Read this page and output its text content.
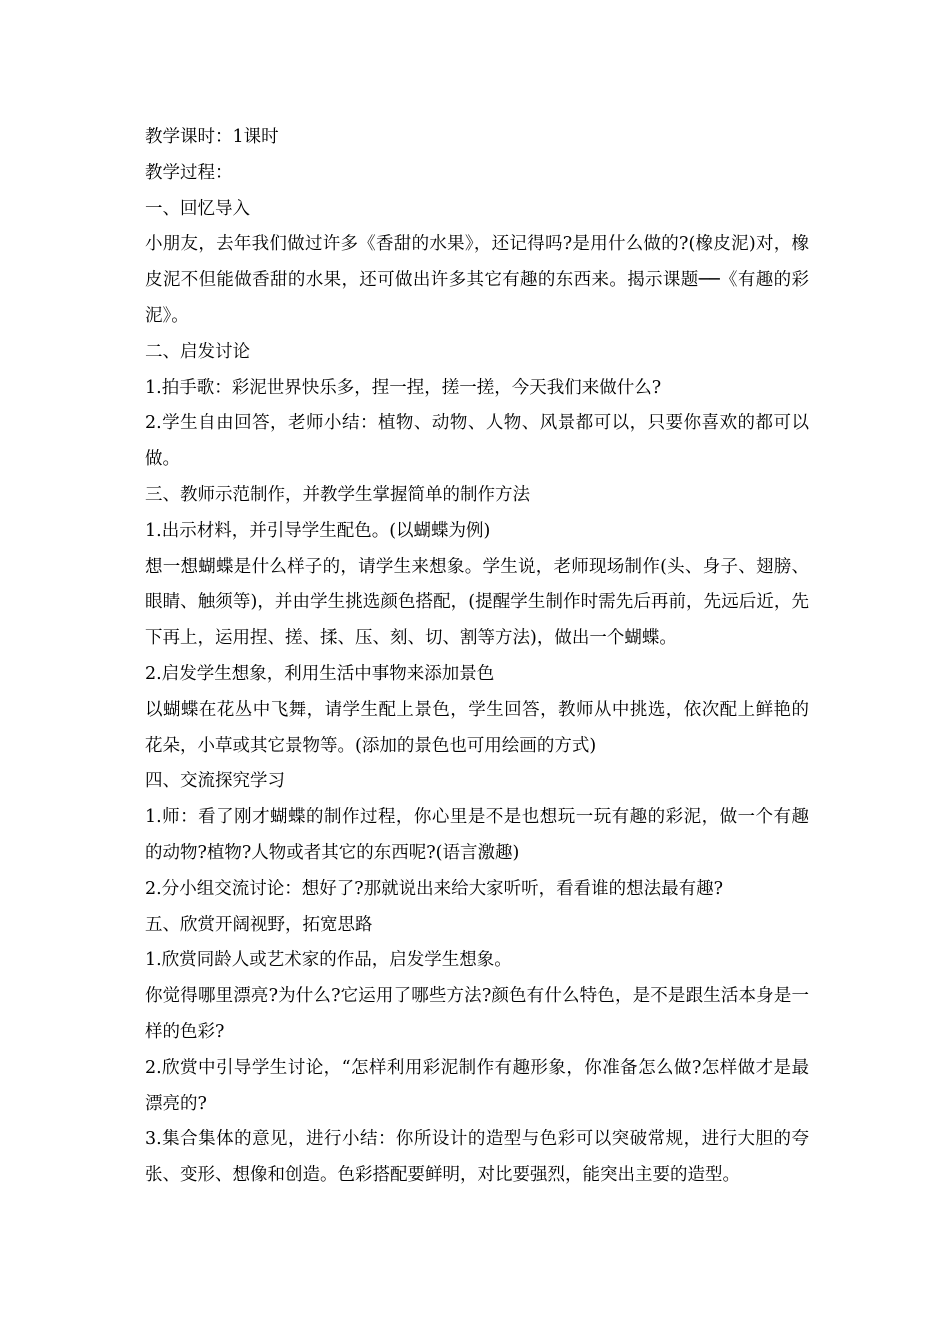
教学课时：1课时

教学过程：

一、回忆导入

小朋友，去年我们做过许多《香甜的水果》，还记得吗?是用什么做的?(橡皮泥)对，橡皮泥不但能做香甜的水果，还可做出许多其它有趣的东西来。揭示课题──《有趣的彩泥》。

二、启发讨论

1.拍手歌：彩泥世界快乐多，捏一捏，搓一搓，今天我们来做什么?

2.学生自由回答，老师小结：植物、动物、人物、风景都可以，只要你喜欢的都可以做。

三、教师示范制作，并教学生掌握简单的制作方法

1.出示材料，并引导学生配色。(以蝴蝶为例)

想一想蝴蝶是什么样子的，请学生来想象。学生说，老师现场制作(头、身子、翅膀、眼睛、触须等)，并由学生挑选颜色搭配，(提醒学生制作时需先后再前，先远后近，先下再上，运用捏、搓、揉、压、刻、切、割等方法)，做出一个蝴蝶。

2.启发学生想象，利用生活中事物来添加景色

以蝴蝶在花丛中飞舞，请学生配上景色，学生回答，教师从中挑选，依次配上鲜艳的花朵，小草或其它景物等。(添加的景色也可用绘画的方式)

四、交流探究学习

1.师：看了刚才蝴蝶的制作过程，你心里是不是也想玩一玩有趣的彩泥，做一个有趣的动物?植物?人物或者其它的东西呢?(语言激趣)

2.分小组交流讨论：想好了?那就说出来给大家听听，看看谁的想法最有趣?

五、欣赏开阔视野，拓宽思路

1.欣赏同龄人或艺术家的作品，启发学生想象。

你觉得哪里漂亮?为什么?它运用了哪些方法?颜色有什么特色，是不是跟生活本身是一样的色彩?

2.欣赏中引导学生讨论，“怎样利用彩泥制作有趣形象，你准备怎么做?怎样做才是最漂亮的?

3.集合集体的意见，进行小结：你所设计的造型与色彩可以突破常规，进行大胆的夸张、变形、想像和创造。色彩搭配要鲜明，对比要强烈，能突出主要的造型。
